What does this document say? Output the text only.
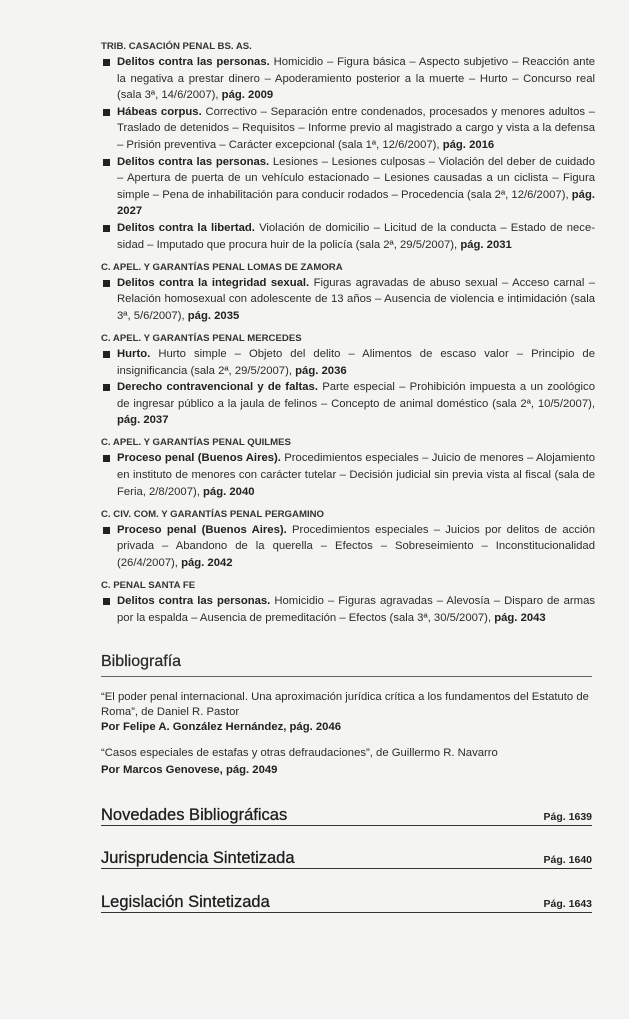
TRIB. CASACIÓN PENAL BS. AS.

Delitos contra las personas. Homicidio – Figura básica – Aspecto subjetivo – Reacción ante la negativa a prestar dinero – Apoderamiento posterior a la muerte – Hurto – Concurso real (sala 3ª, 14/6/2007), pág. 2009

Hábeas corpus. Correctivo – Separación entre condenados, procesados y menores adultos – Traslado de detenidos – Requisitos – Informe previo al magistrado a cargo y vista a la defensa – Prisión preventiva – Carácter excepcional (sala 1ª, 12/6/2007), pág. 2016

Delitos contra las personas. Lesiones – Lesiones culposas – Violación del deber de cuidado – Apertura de puerta de un vehículo estacionado – Lesiones causadas a un ciclista – Figura simple – Pena de inhabilitación para conducir rodados – Procedencia (sala 2ª, 12/6/2007), pág. 2027

Delitos contra la libertad. Violación de domicilio – Licitud de la conducta – Estado de necesidad – Imputado que procura huir de la policía (sala 2ª, 29/5/2007), pág. 2031

C. APEL. Y GARANTÍAS PENAL LOMAS DE ZAMORA

Delitos contra la integridad sexual. Figuras agravadas de abuso sexual – Acceso carnal – Relación homosexual con adolescente de 13 años – Ausencia de violencia e intimidación (sala 3ª, 5/6/2007), pág. 2035

C. APEL. Y GARANTÍAS PENAL MERCEDES

Hurto. Hurto simple – Objeto del delito – Alimentos de escaso valor – Principio de insignificancia (sala 2ª, 29/5/2007), pág. 2036

Derecho contravencional y de faltas. Parte especial – Prohibición impuesta a un zoológico de ingresar público a la jaula de felinos – Concepto de animal doméstico (sala 2ª, 10/5/2007), pág. 2037

C. APEL. Y GARANTÍAS PENAL QUILMES

Proceso penal (Buenos Aires). Procedimientos especiales – Juicio de menores – Alojamiento en instituto de menores con carácter tutelar – Decisión judicial sin previa vista al fiscal (sala de Feria, 2/8/2007), pág. 2040

C. CIV. COM. Y GARANTÍAS PENAL PERGAMINO

Proceso penal (Buenos Aires). Procedimientos especiales – Juicios por delitos de acción privada – Abandono de la querella – Efectos – Sobreseimiento – Inconstitucionalidad (26/4/2007), pág. 2042

C. PENAL SANTA FE

Delitos contra las personas. Homicidio – Figuras agravadas – Alevosía – Disparo de armas por la espalda – Ausencia de premeditación – Efectos (sala 3ª, 30/5/2007), pág. 2043

Bibliografía
“El poder penal internacional. Una aproximación jurídica crítica a los fundamentos del Estatuto de Roma”, de Daniel R. Pastor
Por Felipe A. González Hernández, pág. 2046
“Casos especiales de estafas y otras defraudaciones”, de Guillermo R. Navarro
Por Marcos Genovese, pág. 2049
Novedades Bibliográficas	Pág. 1639
Jurisprudencia Sintetizada	Pág. 1640
Legislación Sintetizada	Pág. 1643
